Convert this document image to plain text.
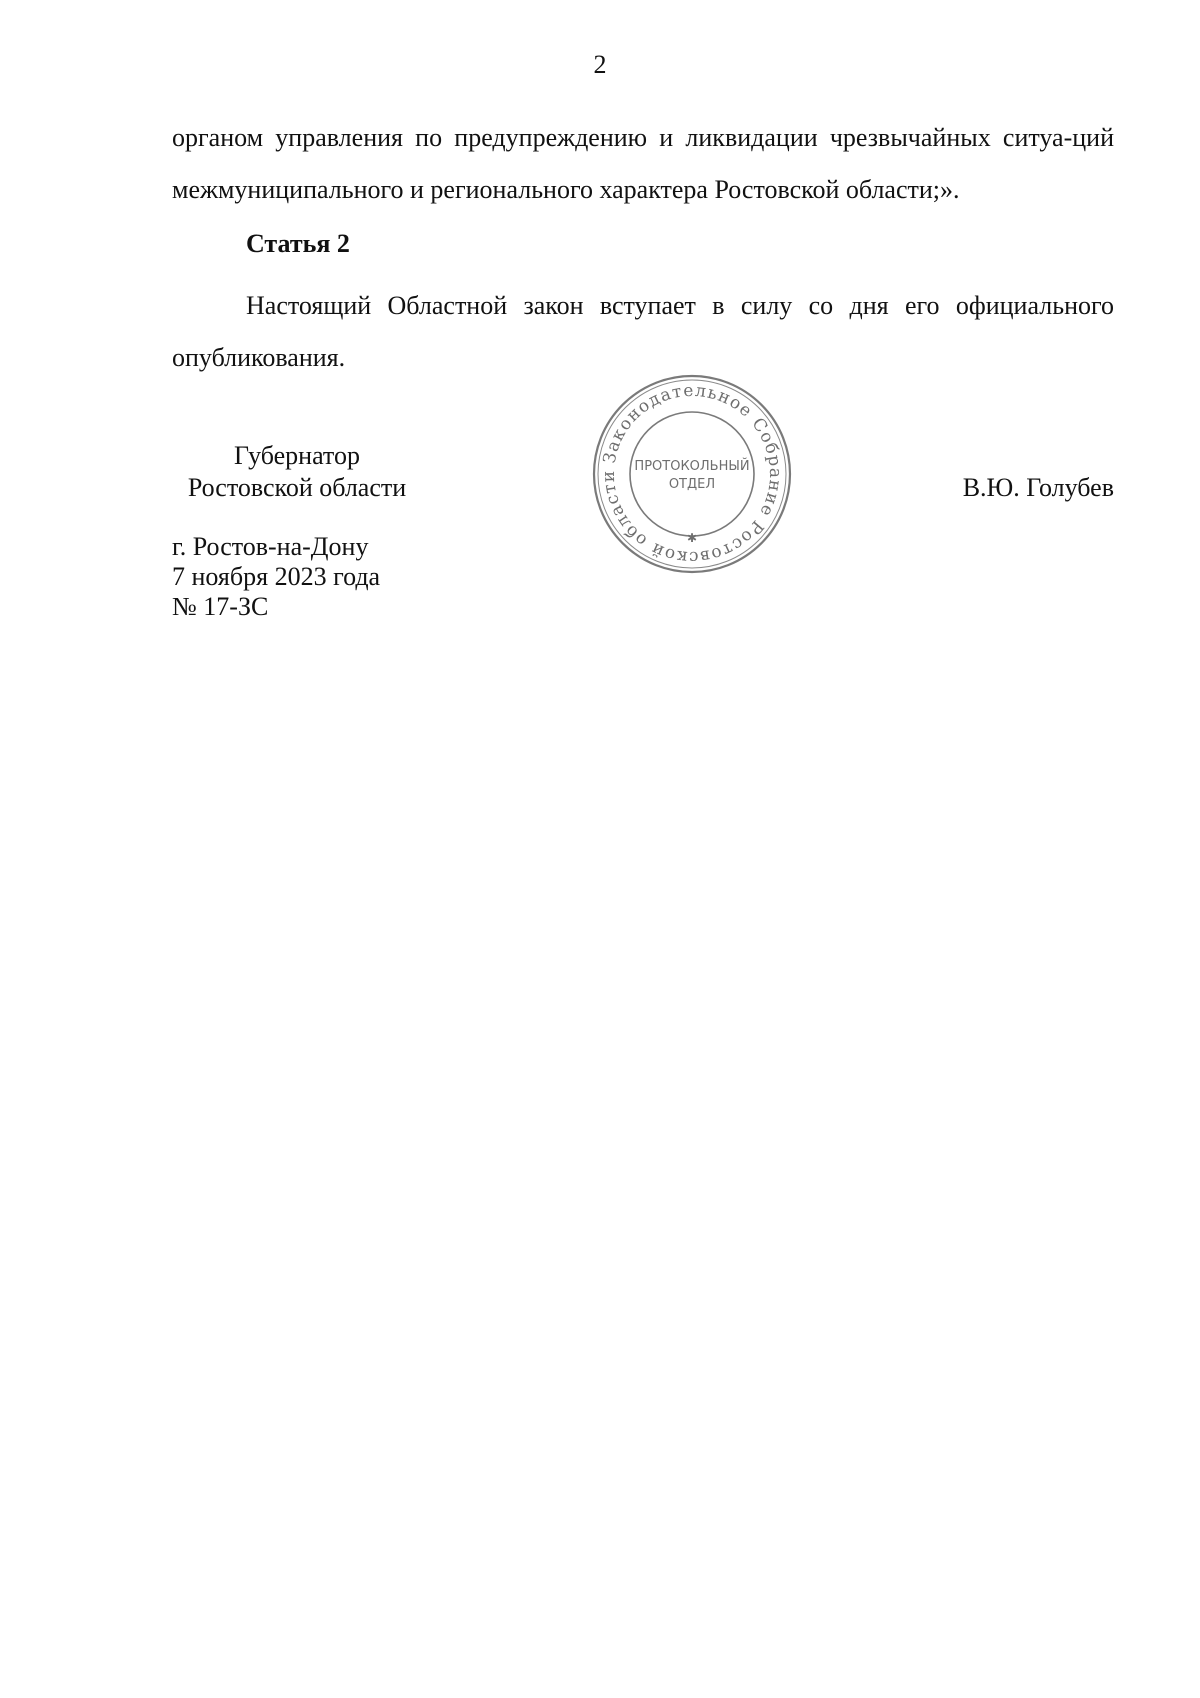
2

органом управления по предупреждению и ликвидации чрезвычайных ситуа-ций межмуниципального и регионального характера Ростовской области;».

Статья 2

Настоящий Областной закон вступает в силу со дня его официального опубликования.

Губернатор
Ростовской области	В.Ю. Голубев
Законодательное Собрание Ростовской области
ПРОТОКОЛЬНЫЙ
ОТДЕЛ
✱
г. Ростов-на-Дону
7 ноября 2023 года
№ 17-ЗС
